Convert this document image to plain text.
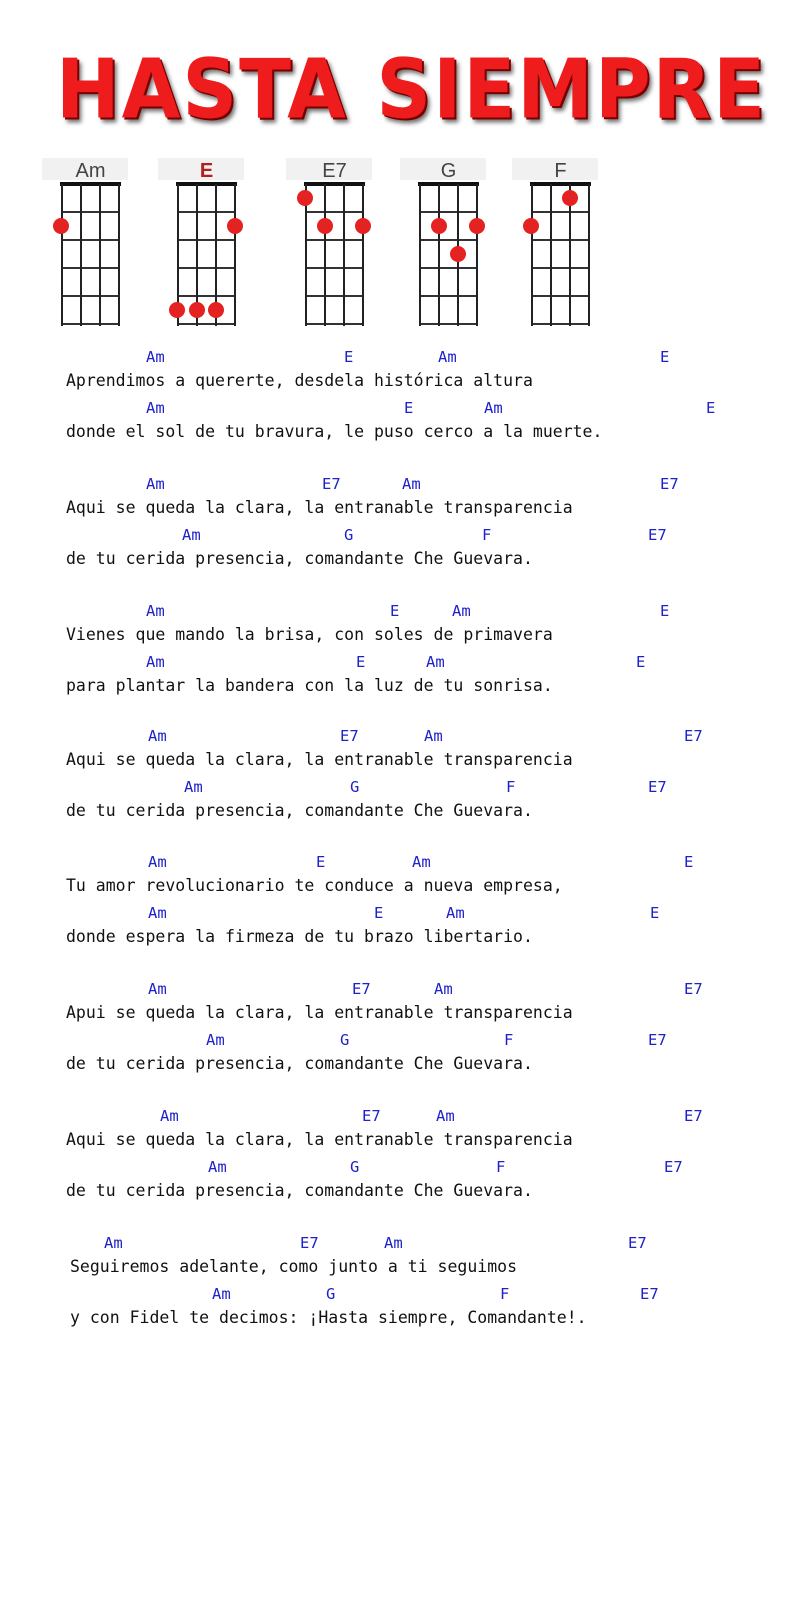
HASTA SIEMPRE
Am	E	E7	G	F
Am	E	Am	E
Aprendimos a quererte, desdela histórica altura
Am	E	Am	E
donde el sol de tu bravura, le puso cerco a la muerte.
Am	E7	Am	E7
Aqui se queda la clara, la entranable transparencia
Am	G	F	E7
de tu cerida presencia, comandante Che Guevara.
Am	E	Am	E
Vienes que mando la brisa, con soles de primavera
Am	E	Am	E
para plantar la bandera con la luz de tu sonrisa.
Am	E7	Am	E7
Aqui se queda la clara, la entranable transparencia
Am	G	F	E7
de tu cerida presencia, comandante Che Guevara.
Am	E	Am	E
Tu amor revolucionario te conduce a nueva empresa,
Am	E	Am	E
donde espera la firmeza de tu brazo libertario.
Am	E7	Am	E7
Apui se queda la clara, la entranable transparencia
Am	G	F	E7
de tu cerida presencia, comandante Che Guevara.
Am	E7	Am	E7
Aqui se queda la clara, la entranable transparencia
Am	G	F	E7
de tu cerida presencia, comandante Che Guevara.
Am	E7	Am	E7
Seguiremos adelante, como junto a ti seguimos
Am	G	F	E7
y con Fidel te decimos: ¡Hasta siempre, Comandante!.
